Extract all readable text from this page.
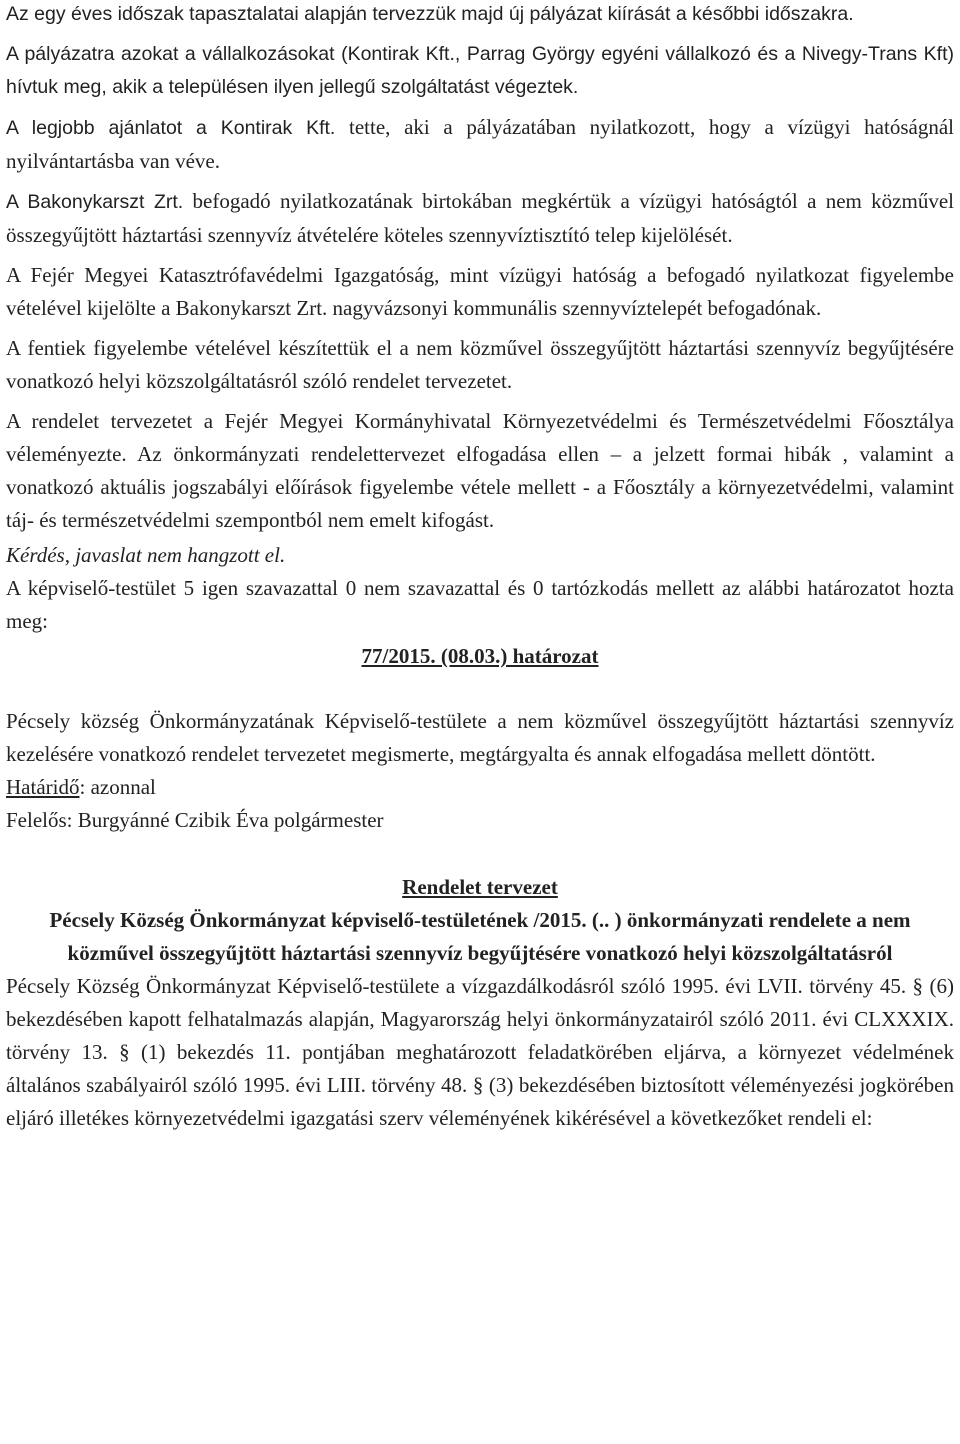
Az egy éves időszak tapasztalatai alapján tervezzük majd új pályázat kiírását a későbbi időszakra.

A pályázatra azokat a vállalkozásokat (Kontirak Kft., Parrag György egyéni vállalkozó és a Nivegy-Trans Kft) hívtuk meg, akik a településen ilyen jellegű szolgáltatást végeztek.

A legjobb ajánlatot a Kontirak Kft. tette, aki a pályázatában nyilatkozott, hogy a vízügyi hatóságnál nyilvántartásba van véve.

A Bakonykarszt Zrt. befogadó nyilatkozatának birtokában megkértük a vízügyi hatóságtól a nem közművel összegyűjtött háztartási szennyvíz átvételére köteles szennyvíztisztító telep kijelölését.

A Fejér Megyei Katasztrófavédelmi Igazgatóság, mint vízügyi hatóság a befogadó nyilatkozat figyelembe vételével kijelölte a Bakonykarszt Zrt. nagyvázsonyi kommunális szennyvíztelepét befogadónak.

A fentiek figyelembe vételével készítettük el a nem közművel összegyűjtött háztartási szennyvíz begyűjtésére vonatkozó helyi közszolgáltatásról szóló rendelet tervezetet.

A rendelet tervezetet a Fejér Megyei Kormányhivatal Környezetvédelmi és Természetvédelmi Főosztálya véleményezte. Az önkormányzati rendelettervezet elfogadása ellen – a jelzett formai hibák , valamint a vonatkozó aktuális jogszabályi előírások figyelembe vétele mellett - a Főosztály a környezetvédelmi, valamint táj- és természetvédelmi szempontból nem emelt kifogást.

Kérdés, javaslat nem hangzott el.

A képviselő-testület 5 igen szavazattal 0 nem szavazattal és 0 tartózkodás mellett az alábbi határozatot hozta meg:

77/2015. (08.03.) határozat

Pécsely község Önkormányzatának Képviselő-testülete a nem közművel összegyűjtött háztartási szennyvíz kezelésére vonatkozó rendelet tervezetet megismerte, megtárgyalta és annak elfogadása mellett döntött.

Határidő: azonnal

Felelős: Burgyánné Czibik Éva polgármester

Rendelet tervezet

Pécsely Község Önkormányzat képviselő-testületének /2015. (.. ) önkormányzati rendelete a nem közművel összegyűjtött háztartási szennyvíz begyűjtésére vonatkozó helyi közszolgáltatásról

Pécsely Község Önkormányzat Képviselő-testülete a vízgazdálkodásról szóló 1995. évi LVII. törvény 45. § (6) bekezdésében kapott felhatalmazás alapján, Magyarország helyi önkormányzatairól szóló 2011. évi CLXXXIX. törvény 13. § (1) bekezdés 11. pontjában meghatározott feladatkörében eljárva, a környezet védelmének általános szabályairól szóló 1995. évi LIII. törvény 48. § (3) bekezdésében biztosított véleményezési jogkörében eljáró illetékes környezetvédelmi igazgatási szerv véleményének kikérésével a következőket rendeli el:
